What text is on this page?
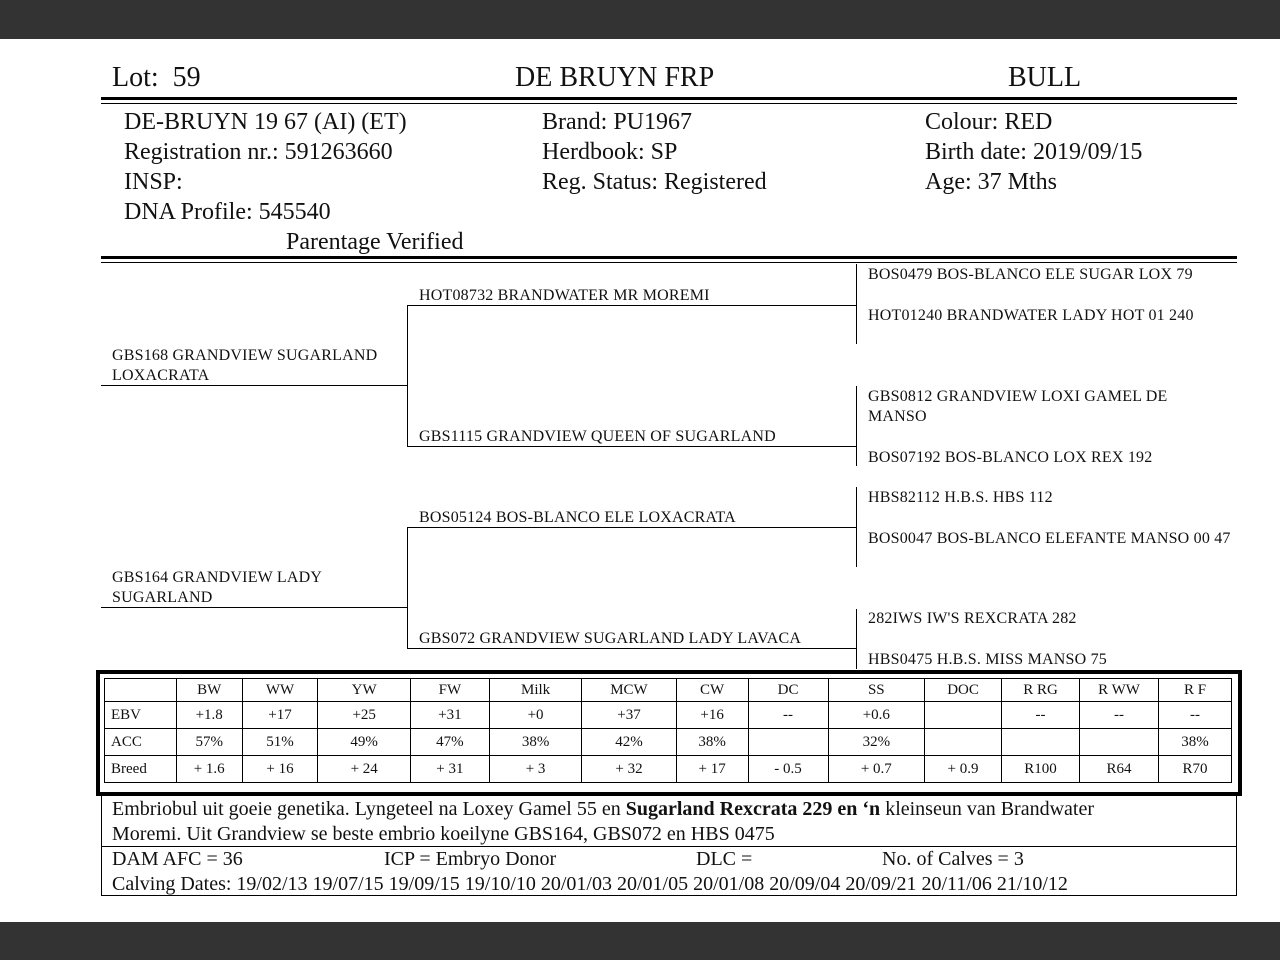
Lot: 59	DE BRUYN FRP	BULL
DE-BRUYN 19 67 (AI) (ET)	Brand: PU1967	Colour: RED
Registration nr.: 591263660	Herdbook: SP	Birth date: 2019/09/15
INSP:	Reg. Status: Registered	Age: 37 Mths
DNA Profile: 545540
Parentage Verified
GBS168 GRANDVIEW SUGARLAND LOXACRATA
GBS164 GRANDVIEW LADY SUGARLAND
HOT08732 BRANDWATER MR MOREMI
GBS1115 GRANDVIEW QUEEN OF SUGARLAND
BOS05124 BOS-BLANCO ELE LOXACRATA
GBS072 GRANDVIEW SUGARLAND LADY LAVACA
BOS0479 BOS-BLANCO ELE SUGAR LOX 79
HOT01240 BRANDWATER LADY HOT 01 240
GBS0812 GRANDVIEW LOXI GAMEL DE MANSO
BOS07192 BOS-BLANCO LOX REX 192
HBS82112 H.B.S. HBS 112
BOS0047 BOS-BLANCO ELEFANTE MANSO 00 47
282IWS IW'S REXCRATA 282
HBS0475 H.B.S. MISS MANSO 75
	BW	WW	YW	FW	Milk	MCW	CW	DC	SS	DOC	R RG	R WW	R F
EBV	+1.8	+17	+25	+31	+0	+37	+16	--	+0.6		--	--	--
ACC	57%	51%	49%	47%	38%	42%	38%		32%				38%
Breed	+ 1.6	+ 16	+ 24	+ 31	+ 3	+ 32	+ 17	- 0.5	+ 0.7	+ 0.9	R100	R64	R70
Embriobul uit goeie genetika. Lyngeteel na Loxey Gamel 55 en Sugarland Rexcrata 229 en ‘n kleinseun van Brandwater
Moremi. Uit Grandview se beste embrio koeilyne GBS164, GBS072 en HBS 0475
DAM AFC = 36	ICP = Embryo Donor	DLC =	No. of Calves = 3
Calving Dates: 19/02/13 19/07/15 19/09/15 19/10/10 20/01/03 20/01/05 20/01/08 20/09/04 20/09/21 20/11/06 21/10/12
